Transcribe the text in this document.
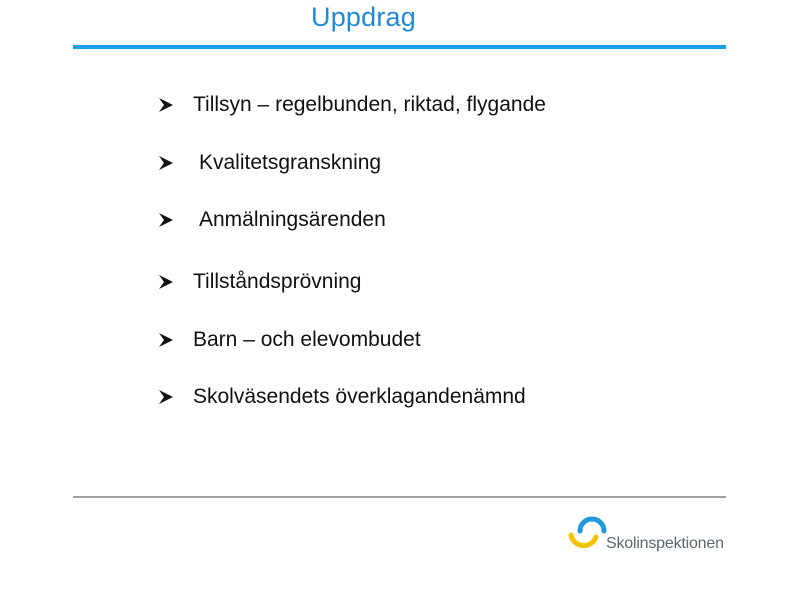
Uppdrag
Tillsyn – regelbunden, riktad, flygande
Kvalitetsgranskning
Anmälningsärenden
Tillståndsprövning
Barn – och elevombudet
Skolväsendets överklagandenämnd
Skolinspektionen
